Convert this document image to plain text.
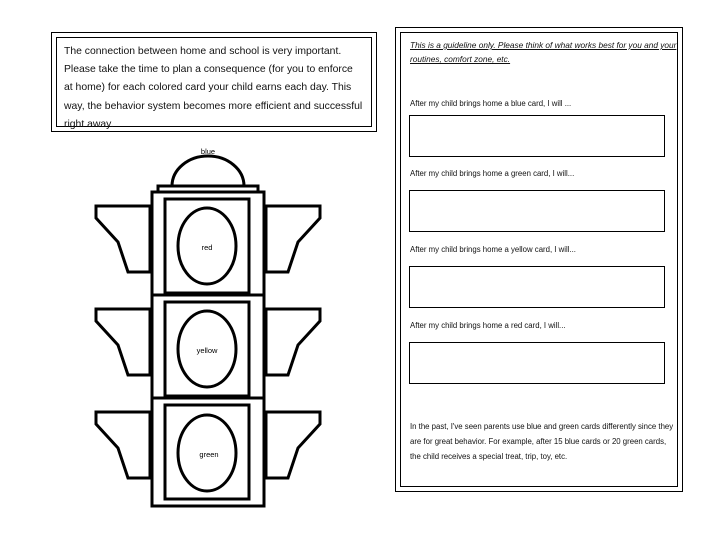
The connection between home and school is very important. Please take the time to plan a consequence (for you to enforce at home) for each colored card your child earns each day. This way, the behavior system becomes more efficient and successful right away.

blue
red
yellow
green

This is a guideline only. Please think of what works best for you and your routines, comfort zone, etc.

After my child brings home a blue card, I will ...

After my child brings home a green card, I will...

After my child brings home a yellow card, I will...

After my child brings home a red card, I will...

In the past, I've seen parents use blue and green cards differently since they are for great behavior. For example, after 15 blue cards or 20 green cards, the child receives a special treat, trip, toy, etc.
